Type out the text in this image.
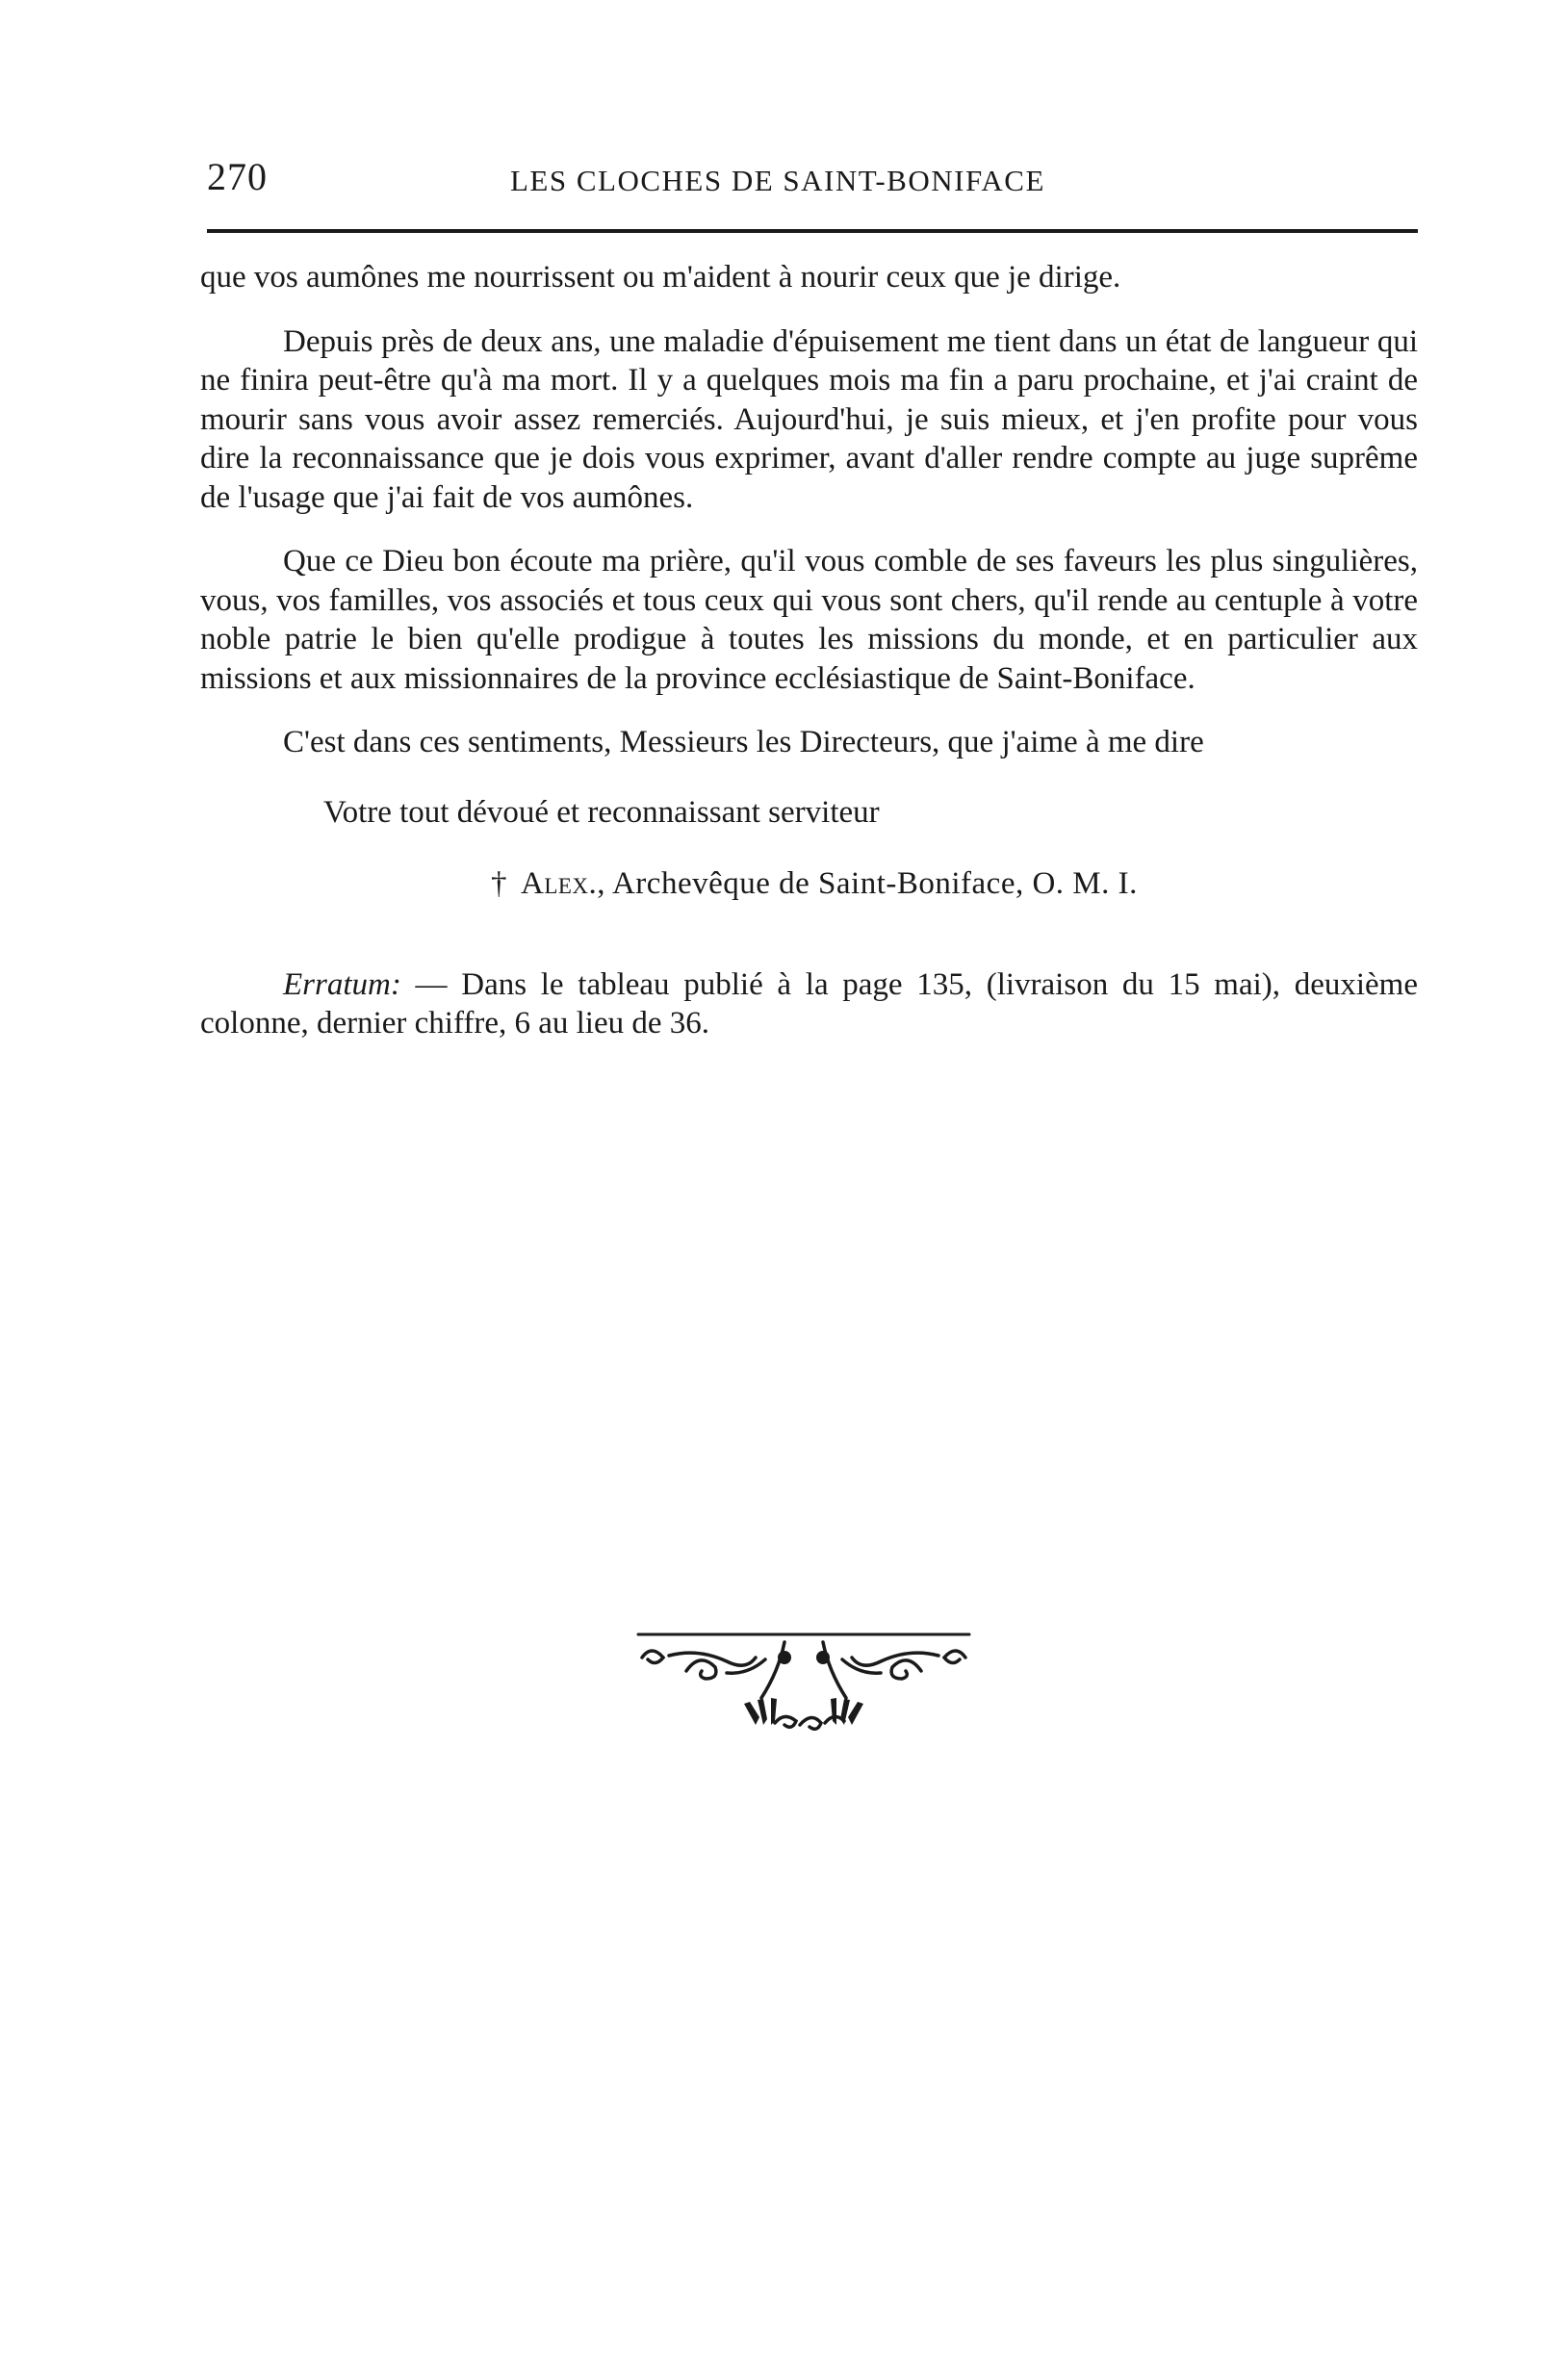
270	LES CLOCHES DE SAINT-BONIFACE

que vos aumônes me nourrissent ou m'aident à nourir ceux que je dirige.

Depuis près de deux ans, une maladie d'épuisement me tient dans un état de langueur qui ne finira peut-être qu'à ma mort. Il y a quelques mois ma fin a paru prochaine, et j'ai craint de mourir sans vous avoir assez remerciés. Aujourd'hui, je suis mieux, et j'en profite pour vous dire la reconnaissance que je dois vous exprimer, avant d'aller rendre compte au juge suprême de l'usage que j'ai fait de vos aumônes.

Que ce Dieu bon écoute ma prière, qu'il vous comble de ses faveurs les plus singulières, vous, vos familles, vos associés et tous ceux qui vous sont chers, qu'il rende au centuple à votre noble patrie le bien qu'elle prodigue à toutes les missions du monde, et en particulier aux missions et aux missionnaires de la province ecclésiastique de Saint-Boniface.

C'est dans ces sentiments, Messieurs les Directeurs, que j'aime à me dire

Votre tout dévoué et reconnaissant serviteur

† Alex., Archevêque de Saint-Boniface, O. M. I.

Erratum: — Dans le tableau publié à la page 135, (livraison du 15 mai), deuxième colonne, dernier chiffre, 6 au lieu de 36.
